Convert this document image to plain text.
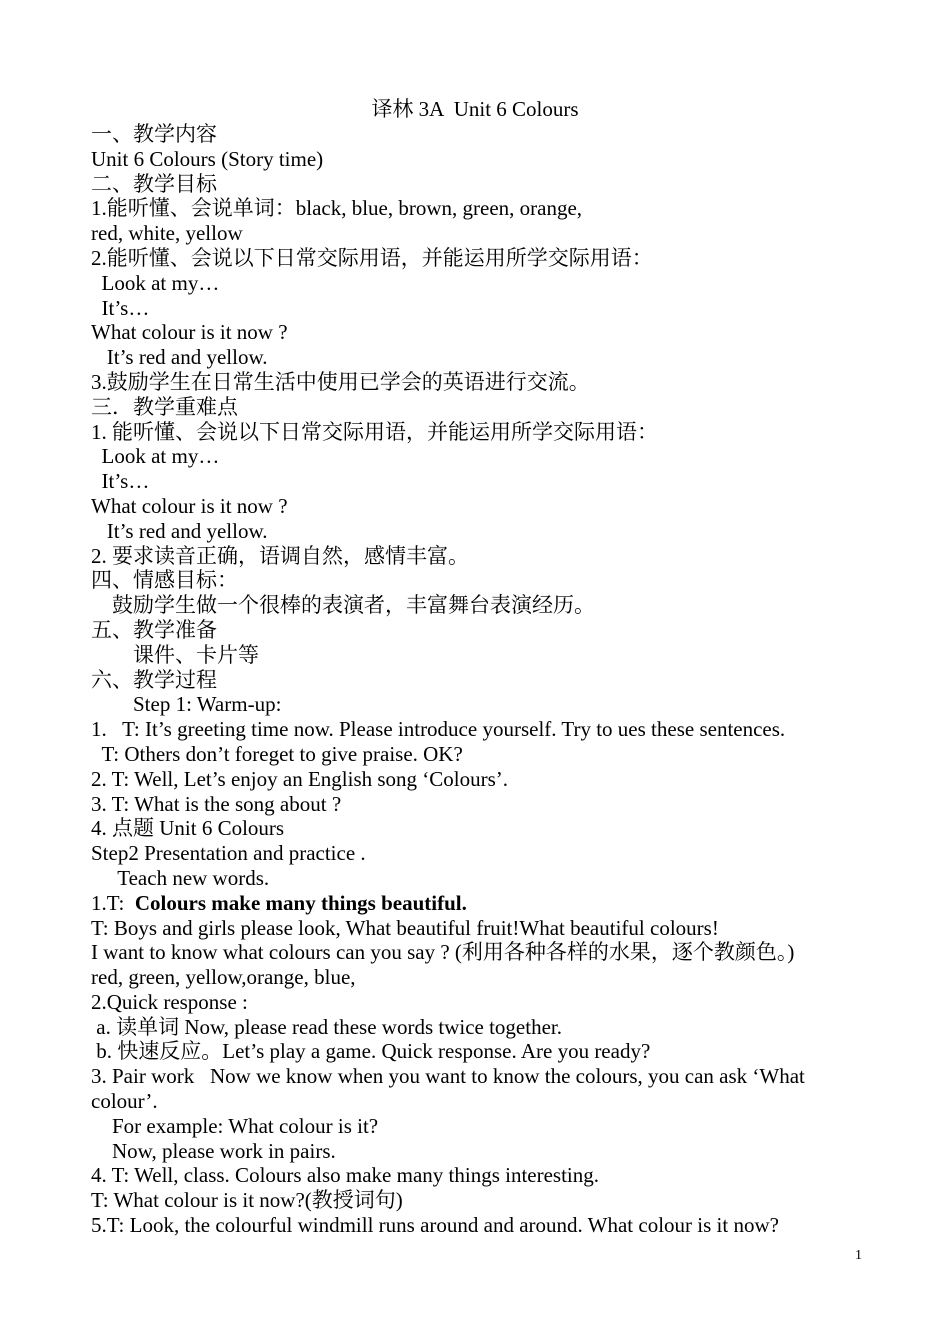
译林 3A  Unit 6 Colours
一、教学内容
Unit 6 Colours (Story time)
二、教学目标
1.能听懂、会说单词：black, blue, brown, green, orange,
red, white, yellow
2.能听懂、会说以下日常交际用语，并能运用所学交际用语：
Look at my…
It’s…
What colour is it now ?
It’s red and yellow.
3.鼓励学生在日常生活中使用已学会的英语进行交流。
三．教学重难点
1. 能听懂、会说以下日常交际用语，并能运用所学交际用语：
Look at my…
It’s…
What colour is it now ?
It’s red and yellow.
2. 要求读音正确，语调自然，感情丰富。
四、情感目标：
鼓励学生做一个很棒的表演者，丰富舞台表演经历。
五、教学准备
课件、卡片等
六、教学过程
Step 1: Warm-up:
1.   T: It’s greeting time now. Please introduce yourself. Try to ues these sentences.
T: Others don’t foreget to give praise. OK?
2. T: Well, Let’s enjoy an English song ‘Colours’.
3. T: What is the song about ?
4. 点题 Unit 6 Colours
Step2 Presentation and practice .
Teach new words.
1.T:  Colours make many things beautiful.
T: Boys and girls please look, What beautiful fruit!What beautiful colours!
I want to know what colours can you say ? (利用各种各样的水果，逐个教颜色。)
red, green, yellow,orange, blue,
2.Quick response :
a. 读单词 Now, please read these words twice together.
b. 快速反应。Let’s play a game. Quick response. Are you ready?
3. Pair work   Now we know when you want to know the colours, you can ask ‘What colour’.
For example: What colour is it?
Now, please work in pairs.
4. T: Well, class. Colours also make many things interesting.
T: What colour is it now?(教授词句)
5.T: Look, the colourful windmill runs around and around. What colour is it now?
1
